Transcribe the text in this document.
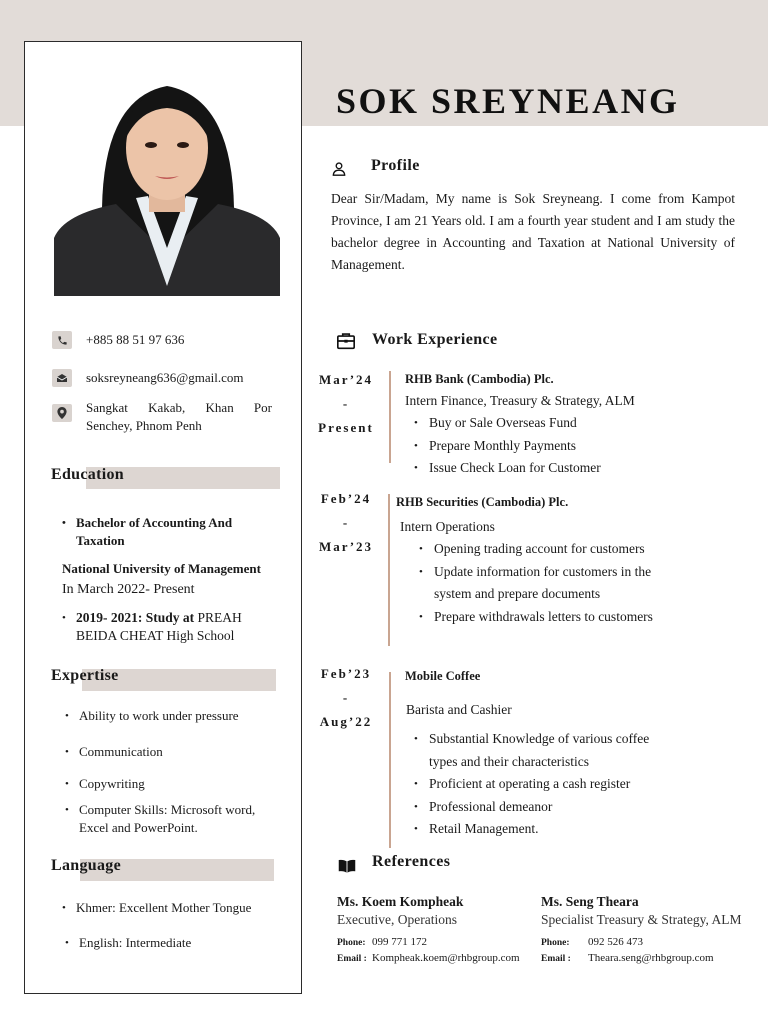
SOK SREYNEANG
+885 88 51 97 636
soksreyneang636@gmail.com
Sangkat Kakab, Khan Por
Senchey, Phnom Penh
Education
• Bachelor of Accounting And
Taxation
National University of Management
In March 2022- Present
• 2019- 2021: Study at PREAH
BEIDA CHEAT High School
Expertise
• Ability to work under pressure
• Communication
• Copywriting
• Computer Skills: Microsoft word,
Excel and PowerPoint.
Language
• Khmer: Excellent Mother Tongue
• English: Intermediate
Profile
Dear Sir/Madam, My name is Sok Sreyneang. I come from Kampot Province, I am 21 Years old. I am a fourth year student and I am study the bachelor degree in Accounting and Taxation at National University of Management.
Work Experience
Mar’24
-
Present
RHB Bank (Cambodia) Plc.
Intern Finance, Treasury & Strategy, ALM
• Buy or Sale Overseas Fund
• Prepare Monthly Payments
• Issue Check Loan for Customer
Feb’24
-
Mar’23
RHB Securities (Cambodia) Plc.
Intern Operations
• Opening trading account for customers
• Update information for customers in the
system and prepare documents
• Prepare withdrawals letters to customers
Feb’23
-
Aug’22
Mobile Coffee
Barista and Cashier
• Substantial Knowledge of various coffee
types and their characteristics
• Proficient at operating a cash register
• Professional demeanor
• Retail Management.
References
Ms. Koem Kompheak
Executive, Operations
Phone: 099 771 172
Email : Kompheak.koem@rhbgroup.com
Ms. Seng Theara
Specialist Treasury & Strategy, ALM
Phone: 092 526 473
Email : Theara.seng@rhbgroup.com
